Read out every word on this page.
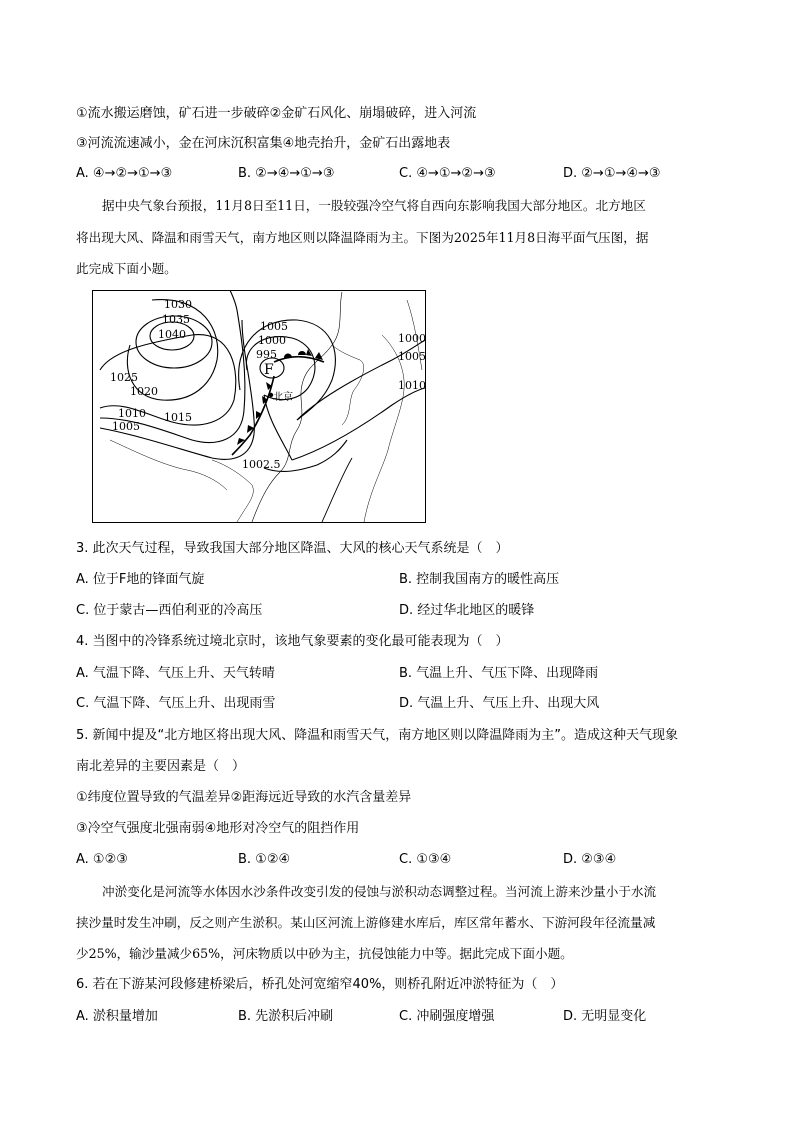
①流水搬运磨蚀，矿石进一步破碎②金矿石风化、崩塌破碎，进入河流
③河流流速减小，金在河床沉积富集④地壳抬升，金矿石出露地表
A. ④→②→①→③	B. ②→④→①→③	C. ④→①→②→③	D. ②→①→④→③
据中央气象台预报，11月8日至11日，一股较强冷空气将自西向东影响我国大部分地区。北方地区
将出现大风、降温和雨雪天气，南方地区则以降温降雨为主。下图为2025年11月8日海平面气压图，据
此完成下面小题。
1030
1035
1040
1025
1020
1010
1005
1015
1005
1000
995
1000
1005
1010
1002.5
F
北京
3. 此次天气过程，导致我国大部分地区降温、大风的核心天气系统是（　）
A. 位于F地的锋面气旋	B. 控制我国南方的暖性高压
C. 位于蒙古—西伯利亚的冷高压	D. 经过华北地区的暖锋
4. 当图中的冷锋系统过境北京时，该地气象要素的变化最可能表现为（　）
A. 气温下降、气压上升、天气转晴	B. 气温上升、气压下降、出现降雨
C. 气温下降、气压上升、出现雨雪	D. 气温上升、气压上升、出现大风
5. 新闻中提及“北方地区将出现大风、降温和雨雪天气，南方地区则以降温降雨为主”。造成这种天气现象
南北差异的主要因素是（　）
①纬度位置导致的气温差异②距海远近导致的水汽含量差异
③冷空气强度北强南弱④地形对冷空气的阻挡作用
A. ①②③	B. ①②④	C. ①③④	D. ②③④
冲淤变化是河流等水体因水沙条件改变引发的侵蚀与淤积动态调整过程。当河流上游来沙量小于水流
挟沙量时发生冲刷，反之则产生淤积。某山区河流上游修建水库后，库区常年蓄水、下游河段年径流量减
少25%，输沙量减少65%，河床物质以中砂为主，抗侵蚀能力中等。据此完成下面小题。
6. 若在下游某河段修建桥梁后，桥孔处河宽缩窄40%，则桥孔附近冲淤特征为（　）
A. 淤积量增加	B. 先淤积后冲刷	C. 冲刷强度增强	D. 无明显变化
